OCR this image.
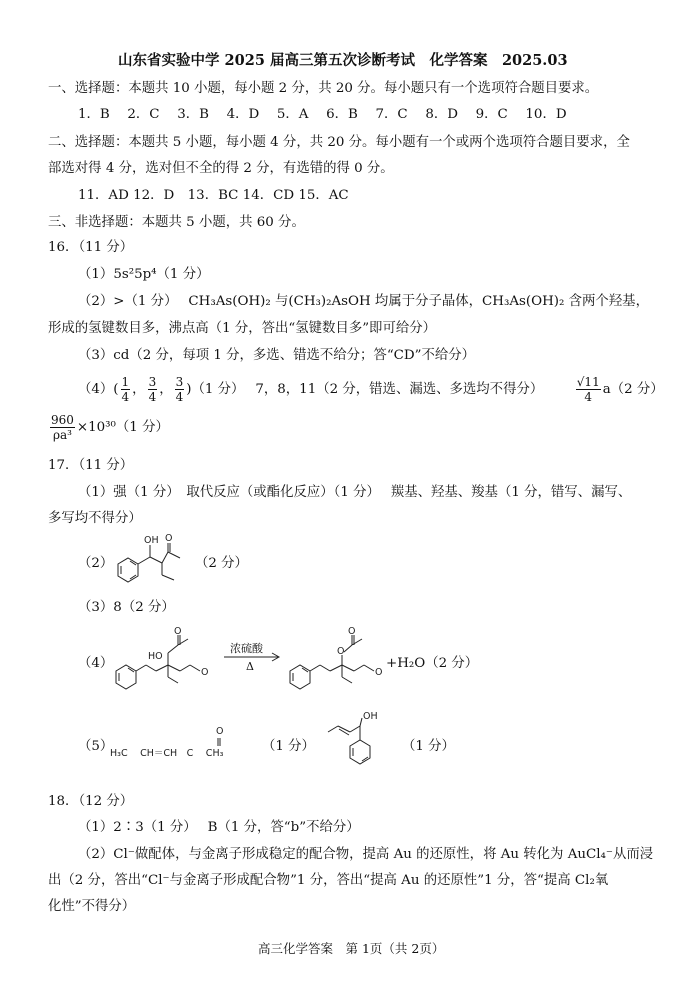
山东省实验中学 2025 届高三第五次诊断考试　化学答案　2025.03
一、选择题：本题共 10 小题，每小题 2 分，共 20 分。每小题只有一个选项符合题目要求。
1．B　 2．C　 3．B　 4．D　 5．A　 6．B　 7．C　 8．D　 9．C　 10．D
二、选择题：本题共 5 小题，每小题 4 分，共 20 分。每小题有一个或两个选项符合题目要求，全
部选对得 4 分，选对但不全的得 2 分，有选错的得 0 分。
11．AD 12．D　13．BC 14．CD 15．AC
三、非选择题：本题共 5 小题，共 60 分。
16．（11 分）
（1）5s²5p⁴（1 分）
（2）>（1 分）　 CH₃As(OH)₂ 与(CH₃)₂AsOH 均属于分子晶体，CH₃As(OH)₂ 含两个羟基，
形成的氢键数目多，沸点高（1 分，答出“氢键数目多”即可给分）
（3）cd（2 分，每项 1 分，多选、错选不给分；答“CD”不给分）
$(4)( \frac{1}{4}$ ， $\frac{3}{4}$ ， $\frac{3}{4} )(1$ 分）　 7，8，11（2 分，错选、漏选、多选均不得分）	$\frac{√11}{4} a(2$ 分）
$\frac{960}{\text{ρa³}} \times 10^{30}(1$ 分）
17．（11 分）
（1）强（1 分）　取代反应（或酯化反应）（1 分）　 羰基、羟基、羧基（1 分，错写、漏写、
多写均不得分）
（2）
OH O
（2 分）
（3）8（2 分）
（4）
O
HO
O
浓硫酸
Δ
O
O
O
+H₂O（2 分）
（5）
O
H₃C　 CH＝CH　C　 CH₃	（1 分）
OH
（1 分）
18．（12 分）
（1）2∶3（1 分）　 B（1 分，答“b”不给分）
（2）Cl⁻做配体，与金离子形成稳定的配合物，提高 Au 的还原性，将 Au 转化为 AuCl₄⁻从而浸
出（2 分，答出“Cl⁻与金离子形成配合物”1 分，答出“提高 Au 的还原性”1 分，答“提高 Cl₂氧
化性”不得分）
高三化学答案　第 1页（共 2页）
